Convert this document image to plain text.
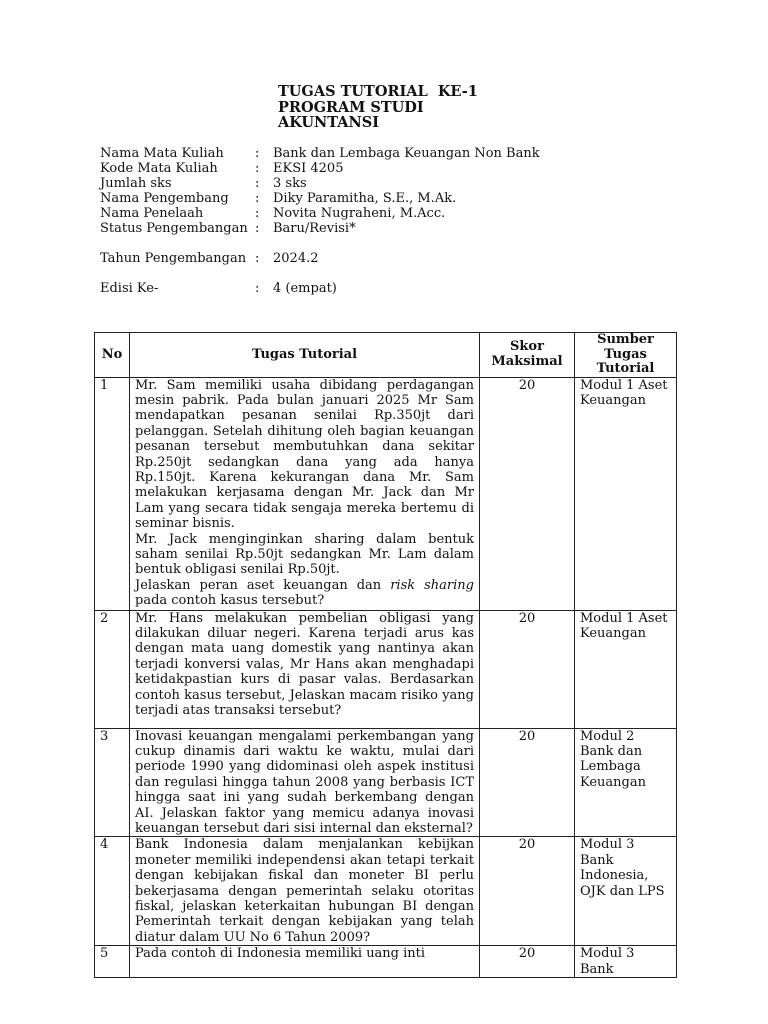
TUGAS TUTORIAL  KE-1
PROGRAM STUDI
AKUNTANSI
Nama Mata Kuliah	:	Bank dan Lembaga Keuangan Non Bank
Kode Mata Kuliah	:	EKSI 4205
Jumlah sks	:	3 sks
Nama Pengembang	:	Diky Paramitha, S.E., M.Ak.
Nama Penelaah	:	Novita Nugraheni, M.Acc.
Status Pengembangan :	Baru/Revisi*
Tahun Pengembangan :	2024.2
Edisi Ke-	:	4 (empat)
No	Tugas Tutorial	Skor Maksimal	Sumber Tugas Tutorial
1	Mr. Sam memiliki usaha dibidang perdagangan mesin pabrik. Pada bulan januari 2025 Mr Sam mendapatkan pesanan senilai Rp.350jt dari pelanggan. Setelah dihitung oleh bagian keuangan pesanan tersebut membutuhkan dana sekitar Rp.250jt sedangkan dana yang ada hanya Rp.150jt. Karena kekurangan dana Mr. Sam melakukan kerjasama dengan Mr. Jack dan Mr Lam yang secara tidak sengaja mereka bertemu di seminar bisnis.

Mr. Jack menginginkan sharing dalam bentuk saham senilai Rp.50jt sedangkan Mr. Lam dalam bentuk obligasi senilai Rp.50jt.

Jelaskan peran aset keuangan dan risk sharing pada contoh kasus tersebut?	20	Modul 1 Aset Keuangan
2	Mr. Hans melakukan pembelian obligasi yang dilakukan diluar negeri. Karena terjadi arus kas dengan mata uang domestik yang nantinya akan terjadi konversi valas, Mr Hans akan menghadapi ketidakpastian kurs di pasar valas. Berdasarkan contoh kasus tersebut, Jelaskan macam risiko yang terjadi atas transaksi tersebut?	20	Modul 1 Aset Keuangan
3	Inovasi keuangan mengalami perkembangan yang cukup dinamis dari waktu ke waktu, mulai dari periode 1990 yang didominasi oleh aspek institusi dan regulasi hingga tahun 2008 yang berbasis ICT hingga saat ini yang sudah berkembang dengan AI. Jelaskan faktor yang memicu adanya inovasi keuangan tersebut dari sisi internal dan eksternal?	20	Modul 2 Bank dan Lembaga Keuangan
4	Bank Indonesia dalam menjalankan kebijkan moneter memiliki independensi akan tetapi terkait dengan kebijakan fiskal dan moneter BI perlu bekerjasama dengan pemerintah selaku otoritas fiskal, jelaskan keterkaitan hubungan BI dengan Pemerintah terkait dengan kebijakan yang telah diatur dalam UU No 6 Tahun 2009?	20	Modul 3 Bank Indonesia, OJK dan LPS
5	Pada contoh di Indonesia memiliki uang inti	20	Modul 3 Bank
